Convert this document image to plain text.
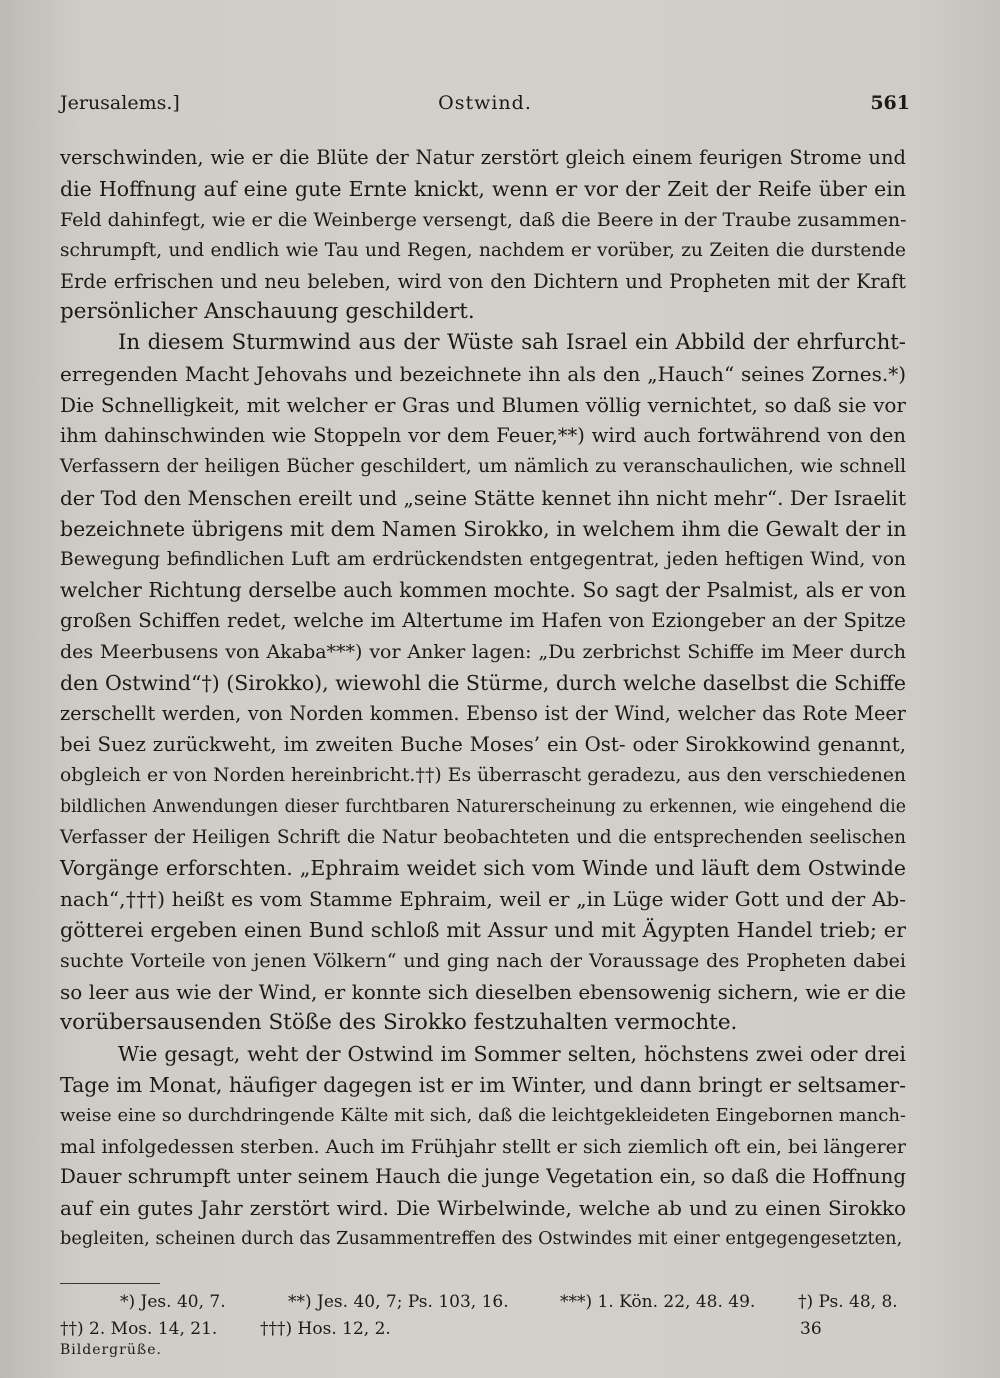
Jerusalems.]	Ostwind.	561
verschwinden, wie er die Blüte der Natur zerstört gleich einem feurigen Strome und
die Hoffnung auf eine gute Ernte knickt, wenn er vor der Zeit der Reife über ein
Feld dahinfegt, wie er die Weinberge versengt, daß die Beere in der Traube zusammen-
schrumpft, und endlich wie Tau und Regen, nachdem er vorüber, zu Zeiten die durstende
Erde erfrischen und neu beleben, wird von den Dichtern und Propheten mit der Kraft
persönlicher Anschauung geschildert.
In diesem Sturmwind aus der Wüste sah Israel ein Abbild der ehrfurcht-
erregenden Macht Jehovahs und bezeichnete ihn als den „Hauch“ seines Zornes.*)
Die Schnelligkeit, mit welcher er Gras und Blumen völlig vernichtet, so daß sie vor
ihm dahinschwinden wie Stoppeln vor dem Feuer,**) wird auch fortwährend von den
Verfassern der heiligen Bücher geschildert, um nämlich zu veranschaulichen, wie schnell
der Tod den Menschen ereilt und „seine Stätte kennet ihn nicht mehr“. Der Israelit
bezeichnete übrigens mit dem Namen Sirokko, in welchem ihm die Gewalt der in
Bewegung befindlichen Luft am erdrückendsten entgegentrat, jeden heftigen Wind, von
welcher Richtung derselbe auch kommen mochte. So sagt der Psalmist, als er von
großen Schiffen redet, welche im Altertume im Hafen von Eziongeber an der Spitze
des Meerbusens von Akaba***) vor Anker lagen: „Du zerbrichst Schiffe im Meer durch
den Ostwind“†) (Sirokko), wiewohl die Stürme, durch welche daselbst die Schiffe
zerschellt werden, von Norden kommen. Ebenso ist der Wind, welcher das Rote Meer
bei Suez zurückweht, im zweiten Buche Moses’ ein Ost- oder Sirokkowind genannt,
obgleich er von Norden hereinbricht.††) Es überrascht geradezu, aus den verschiedenen
bildlichen Anwendungen dieser furchtbaren Naturerscheinung zu erkennen, wie eingehend die
Verfasser der Heiligen Schrift die Natur beobachteten und die entsprechenden seelischen
Vorgänge erforschten. „Ephraim weidet sich vom Winde und läuft dem Ostwinde
nach“,†††) heißt es vom Stamme Ephraim, weil er „in Lüge wider Gott und der Ab-
götterei ergeben einen Bund schloß mit Assur und mit Ägypten Handel trieb; er
suchte Vorteile von jenen Völkern“ und ging nach der Voraussage des Propheten dabei
so leer aus wie der Wind, er konnte sich dieselben ebensowenig sichern, wie er die
vorübersausenden Stöße des Sirokko festzuhalten vermochte.
Wie gesagt, weht der Ostwind im Sommer selten, höchstens zwei oder drei
Tage im Monat, häufiger dagegen ist er im Winter, und dann bringt er seltsamer-
weise eine so durchdringende Kälte mit sich, daß die leichtgekleideten Eingebornen manch-
mal infolgedessen sterben. Auch im Frühjahr stellt er sich ziemlich oft ein, bei längerer
Dauer schrumpft unter seinem Hauch die junge Vegetation ein, so daß die Hoffnung
auf ein gutes Jahr zerstört wird. Die Wirbelwinde, welche ab und zu einen Sirokko
begleiten, scheinen durch das Zusammentreffen des Ostwindes mit einer entgegengesetzten,
*) Jes. 40, 7.	**) Jes. 40, 7; Ps. 103, 16.	***) 1. Kön. 22, 48. 49.	†) Ps. 48, 8.
††) 2. Mos. 14, 21.	†††) Hos. 12, 2.	36
Bildergrüße.
